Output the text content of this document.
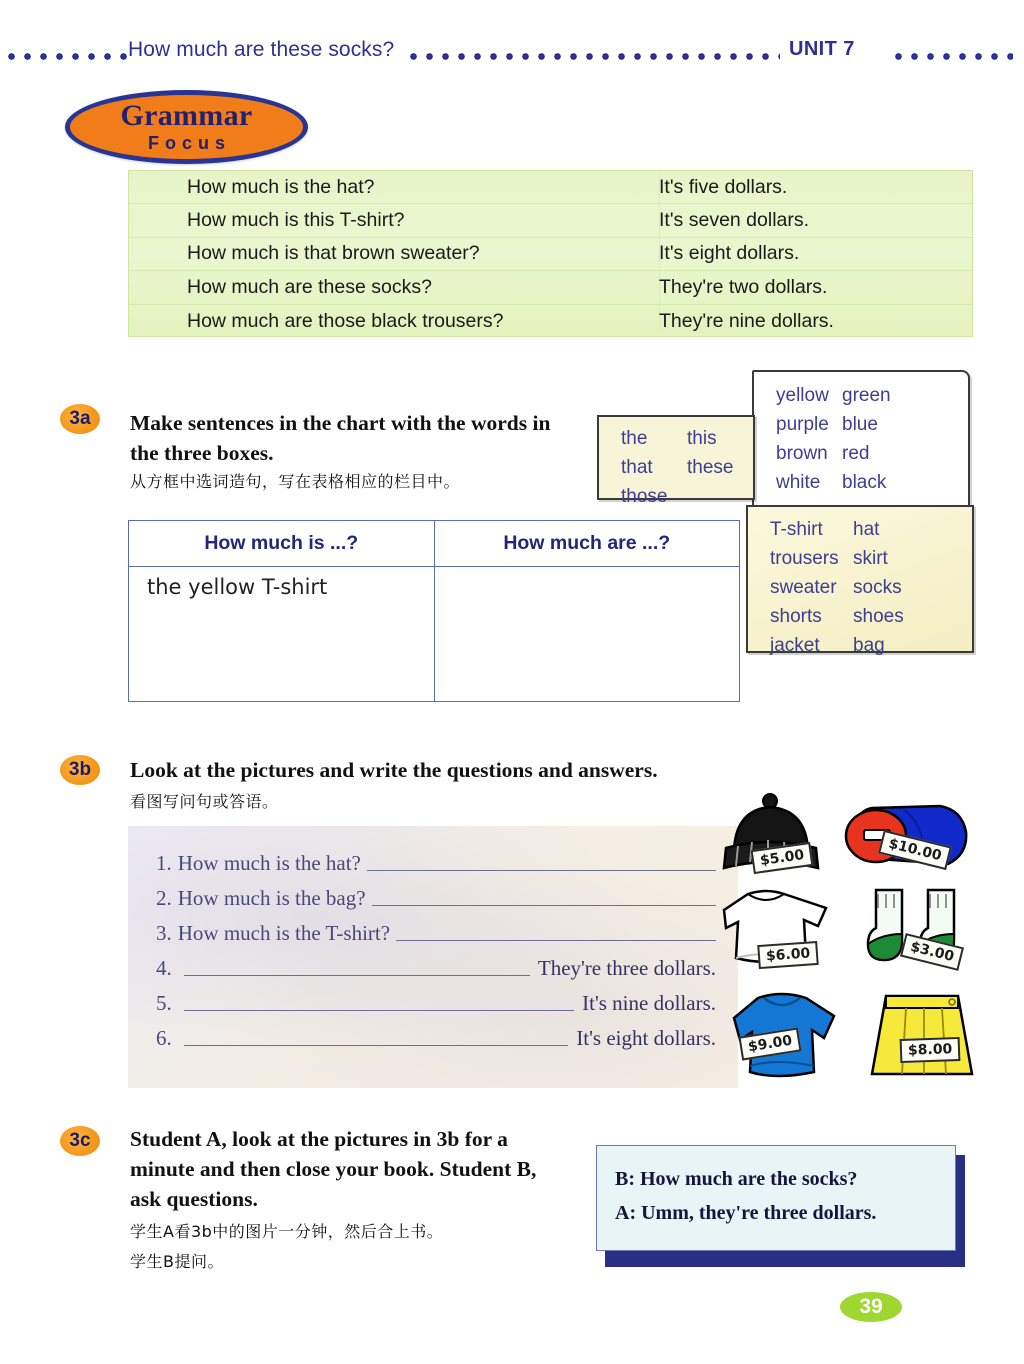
How much are these socks?	UNIT 7
Grammar
Focus
How much is the hat?	It's five dollars.
How much is this T-shirt?	It's seven dollars.
How much is that brown sweater?	It's eight dollars.
How much are these socks?	They're two dollars.
How much are those black trousers?	They're nine dollars.
3a	Make sentences in the chart with the words in the three boxes.
从方框中选词造句，写在表格相应的栏目中。
yellow green
purple blue
brown red
white	black
the	this
that	these
those
T-shirt	hat
trousers skirt
sweater socks
shorts	shoes
jacket	bag
How much is ...?	How much are ...?
the yellow T-shirt
3b	Look at the pictures and write the questions and answers.
看图写问句或答语。
1. How much is the hat?
2. How much is the bag?
3. How much is the T-shirt?
4.	They're three dollars.
5.	It's nine dollars.
6.	It's eight dollars.
$5.00	$10.00
$6.00	$3.00
$9.00	$8.00
3c	Student A, look at the pictures in 3b for a minute and then close your book. Student B, ask questions.
学生A看3b中的图片一分钟，然后合上书。
学生B提问。
B: How much are the socks?
A: Umm, they're three dollars.
39
